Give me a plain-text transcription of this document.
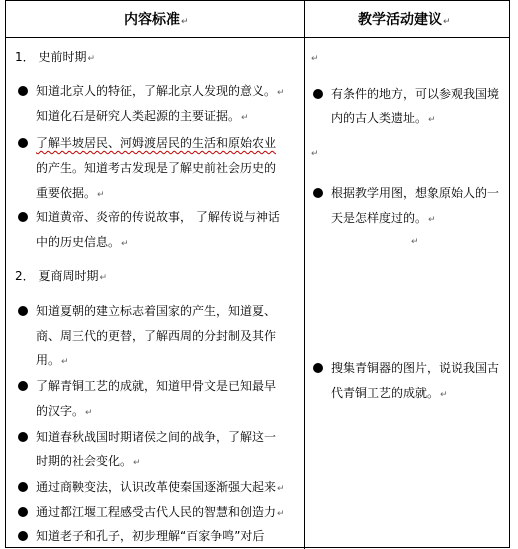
内容标准↵	教学活动建议↵
1． 史前时期↵
知道北京人的特征，了解北京人发现的意义。↵
知道化石是研究人类起源的主要证据。↵
了解半坡居民、河姆渡居民的生活和原始农业
的产生。知道考古发现是了解史前社会历史的
重要依据。↵
知道黄帝、炎帝的传说故事， 了解传说与神话
中的历史信息。↵
2． 夏商周时期↵
知道夏朝的建立标志着国家的产生，知道夏、
商、周三代的更替，了解西周的分封制及其作
用。↵
了解青铜工艺的成就，知道甲骨文是已知最早
的汉字。↵
知道春秋战国时期诸侯之间的战争，了解这一
时期的社会变化。↵
通过商鞅变法，认识改革使秦国逐渐强大起来↵
通过都江堰工程感受古代人民的智慧和创造力↵
知道老子和孔子，初步理解“百家争鸣”对后
↵
有条件的地方，可以参观我国境
内的古人类遗址。↵
↵
根据教学用图，想象原始人的一
天是怎样度过的。↵
↵
搜集青铜器的图片，说说我国古
代青铜工艺的成就。↵
